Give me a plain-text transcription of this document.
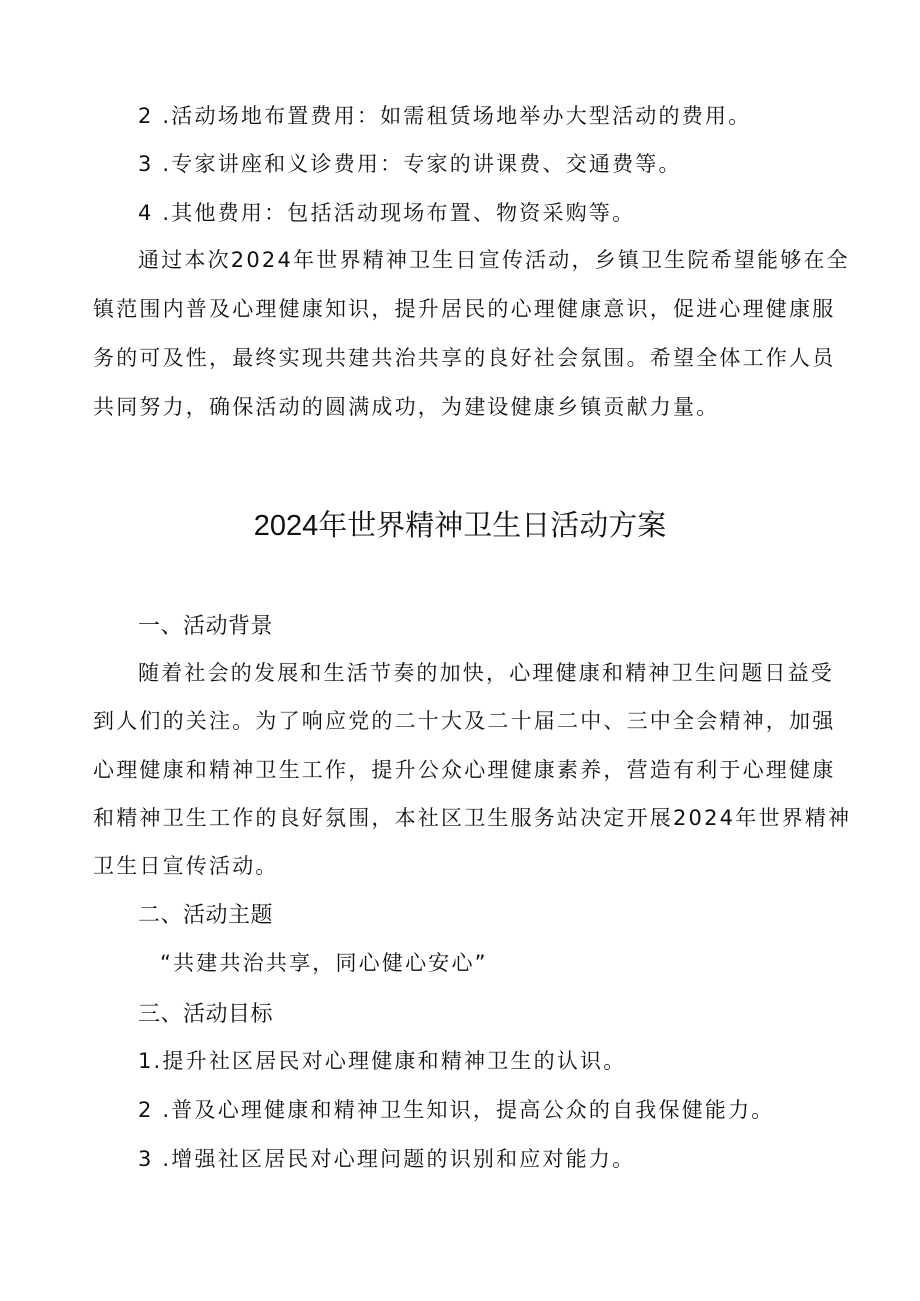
2 .活动场地布置费用：如需租赁场地举办大型活动的费用。
3 .专家讲座和义诊费用：专家的讲课费、交通费等。
4 .其他费用：包括活动现场布置、物资采购等。
通过本次2024年世界精神卫生日宣传活动，乡镇卫生院希望能够在全
镇范围内普及心理健康知识，提升居民的心理健康意识，促进心理健康服
务的可及性，最终实现共建共治共享的良好社会氛围。希望全体工作人员
共同努力，确保活动的圆满成功，为建设健康乡镇贡献力量。
2024年世界精神卫生日活动方案
一、活动背景
随着社会的发展和生活节奏的加快，心理健康和精神卫生问题日益受
到人们的关注。为了响应党的二十大及二十届二中、三中全会精神，加强
心理健康和精神卫生工作，提升公众心理健康素养，营造有利于心理健康
和精神卫生工作的良好氛围，本社区卫生服务站决定开展2024年世界精神
卫生日宣传活动。
二、活动主题
“共建共治共享，同心健心安心”
三、活动目标
1.提升社区居民对心理健康和精神卫生的认识。
2 .普及心理健康和精神卫生知识，提高公众的自我保健能力。
3 .增强社区居民对心理问题的识别和应对能力。
